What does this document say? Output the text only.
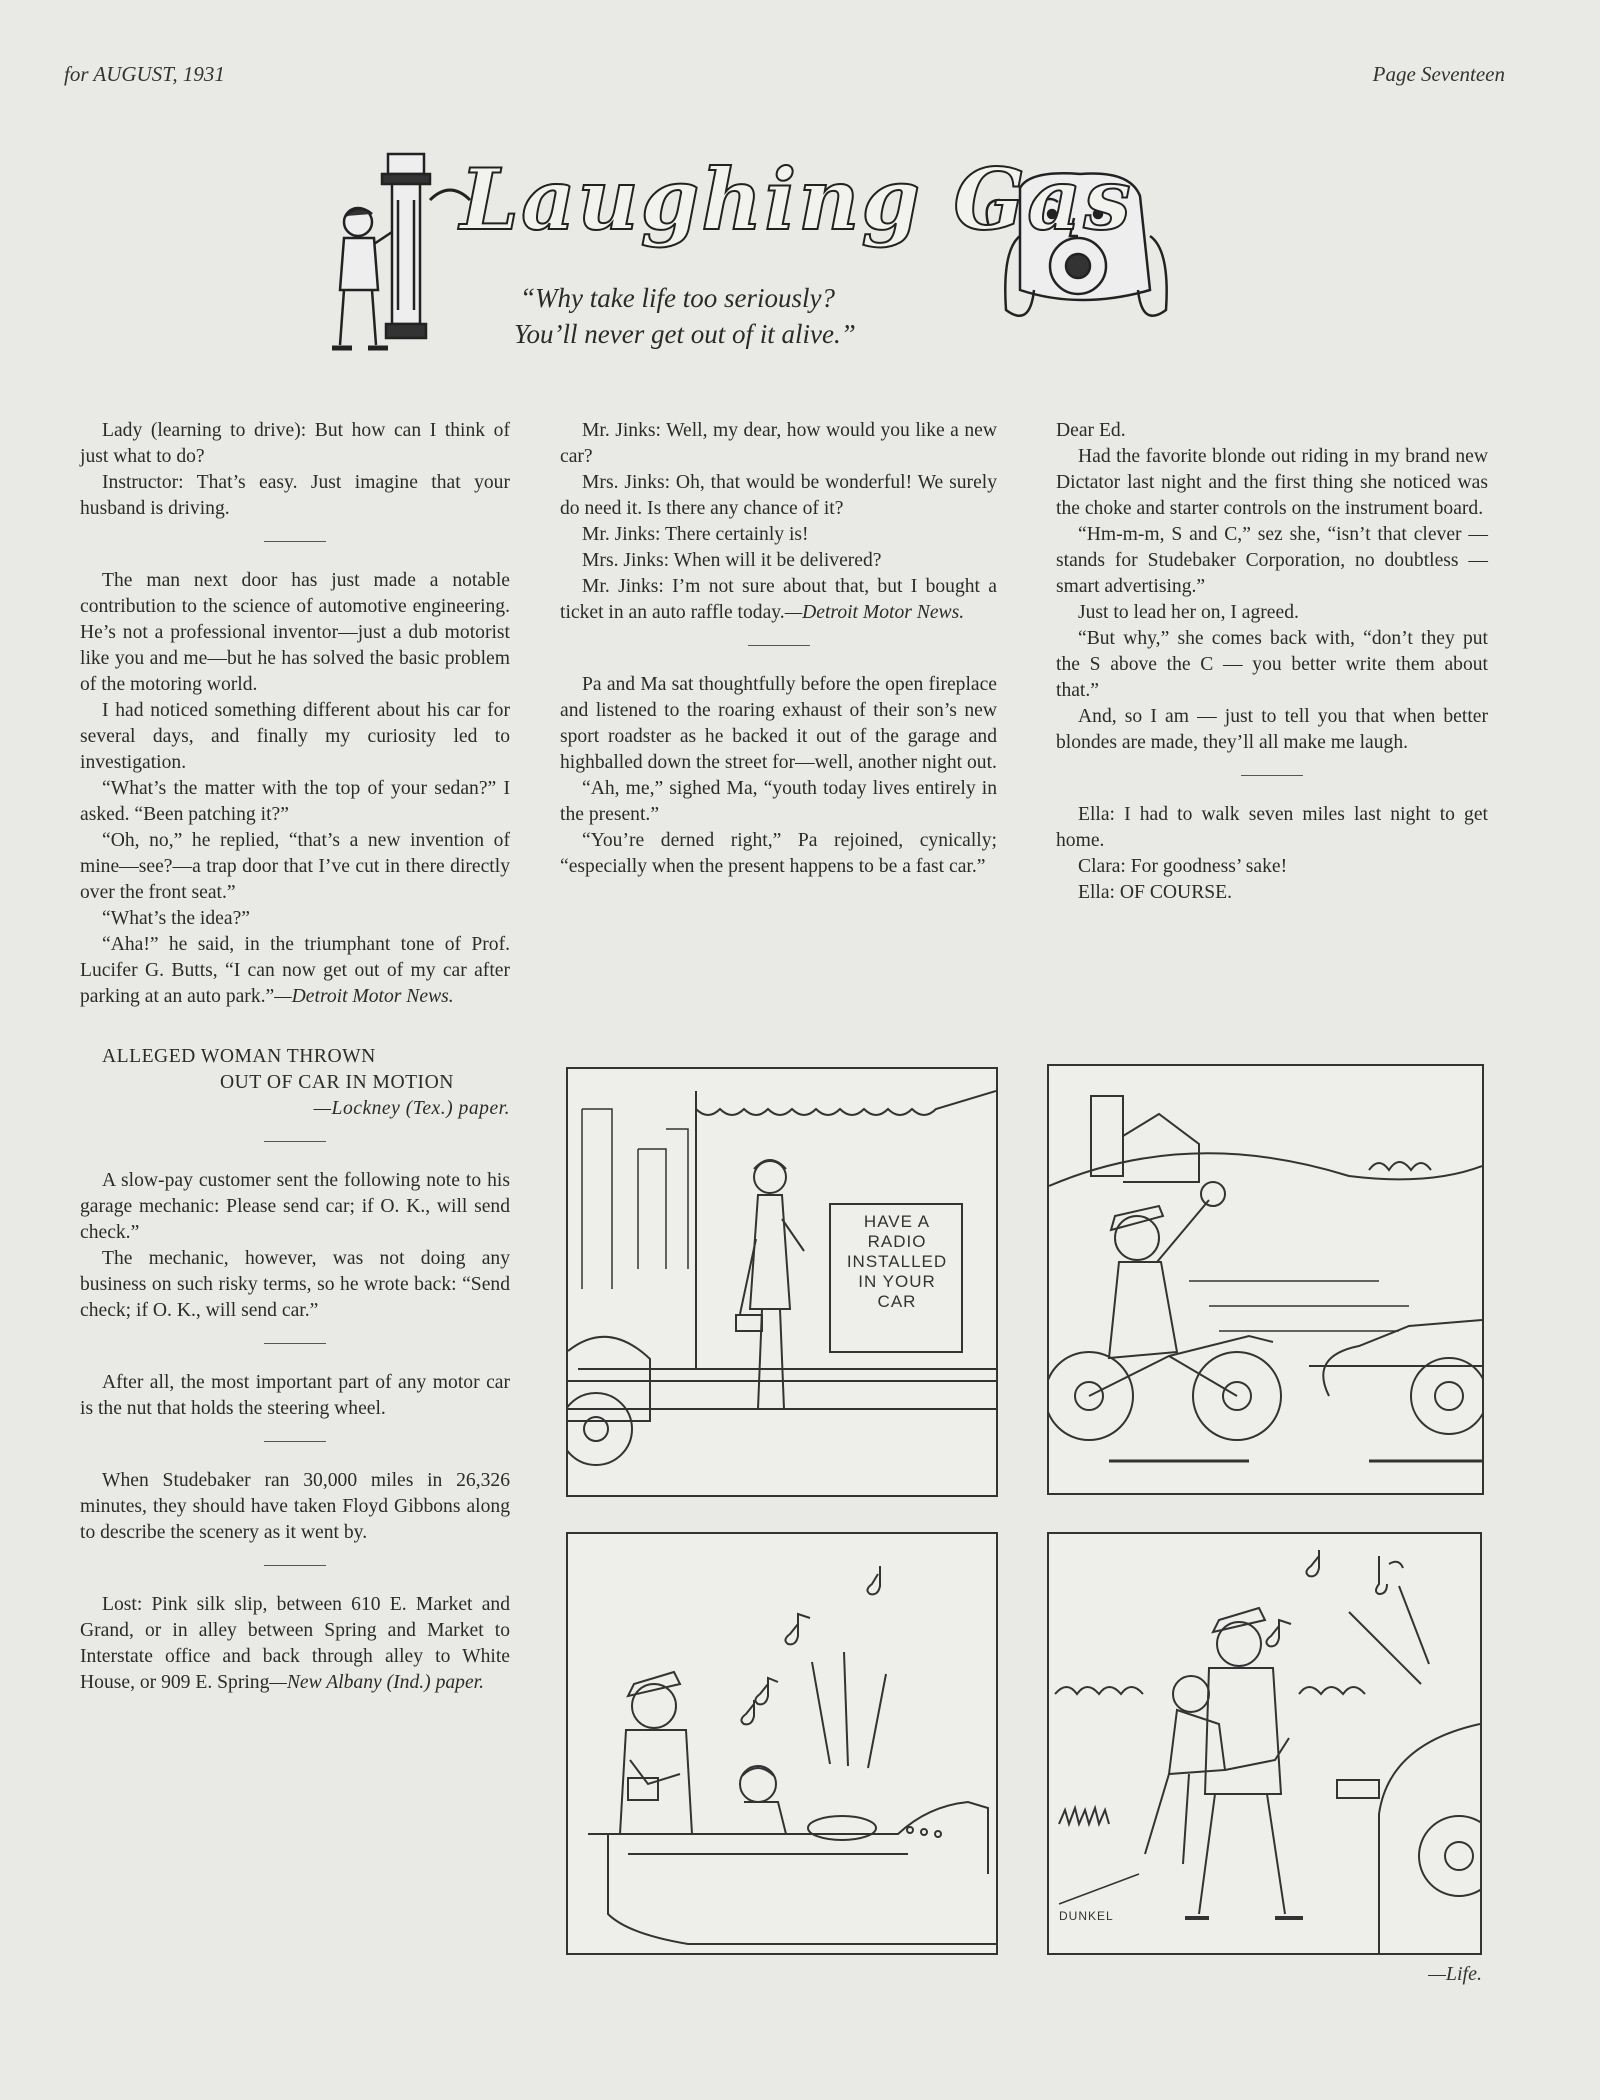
for AUGUST, 1931	Page Seventeen
Laughing Gas
“Why take life too seriously?
You’ll never get out of it alive.”

Lady (learning to drive): But how can I think of just what to do?

Instructor: That’s easy. Just imagine that your husband is driving.

The man next door has just made a notable contribution to the science of automotive engineering. He’s not a professional inventor—just a dub motorist like you and me—but he has solved the basic problem of the motoring world.

I had noticed something different about his car for several days, and finally my curiosity led to investigation.

“What’s the matter with the top of your sedan?” I asked. “Been patching it?”

“Oh, no,” he replied, “that’s a new invention of mine—see?—a trap door that I’ve cut in there directly over the front seat.”

“What’s the idea?”

“Aha!” he said, in the triumphant tone of Prof. Lucifer G. Butts, “I can now get out of my car after parking at an auto park.”—Detroit Motor News.

ALLEGED WOMAN THROWN
OUT OF CAR IN MOTION
—Lockney (Tex.) paper.

A slow-pay customer sent the following note to his garage mechanic: Please send car; if O. K., will send check.”

The mechanic, however, was not doing any business on such risky terms, so he wrote back: “Send check; if O. K., will send car.”

After all, the most important part of any motor car is the nut that holds the steering wheel.

When Studebaker ran 30,000 miles in 26,326 minutes, they should have taken Floyd Gibbons along to describe the scenery as it went by.

Lost: Pink silk slip, between 610 E. Market and Grand, or in alley between Spring and Market to Interstate office and back through alley to White House, or 909 E. Spring—New Albany (Ind.) paper.

Mr. Jinks: Well, my dear, how would you like a new car?

Mrs. Jinks: Oh, that would be wonderful! We surely do need it. Is there any chance of it?

Mr. Jinks: There certainly is!

Mrs. Jinks: When will it be delivered?

Mr. Jinks: I’m not sure about that, but I bought a ticket in an auto raffle today.—Detroit Motor News.

Pa and Ma sat thoughtfully before the open fireplace and listened to the roaring exhaust of their son’s new sport roadster as he backed it out of the garage and highballed down the street for—well, another night out.

“Ah, me,” sighed Ma, “youth today lives entirely in the present.”

“You’re derned right,” Pa rejoined, cynically; “especially when the present happens to be a fast car.”

Dear Ed.

Had the favorite blonde out riding in my brand new Dictator last night and the first thing she noticed was the choke and starter controls on the instrument board.

“Hm-m-m, S and C,” sez she, “isn’t that clever — stands for Studebaker Corporation, no doubtless — smart advertising.”

Just to lead her on, I agreed.

“But why,” she comes back with, “don’t they put the S above the C — you better write them about that.”

And, so I am — just to tell you that when better blondes are made, they’ll all make me laugh.

Ella: I had to walk seven miles last night to get home.

Clara: For goodness’ sake!

Ella: OF COURSE.

HAVE A
RADIO
INSTALLED
IN YOUR
CAR
DUNKEL
—Life.
